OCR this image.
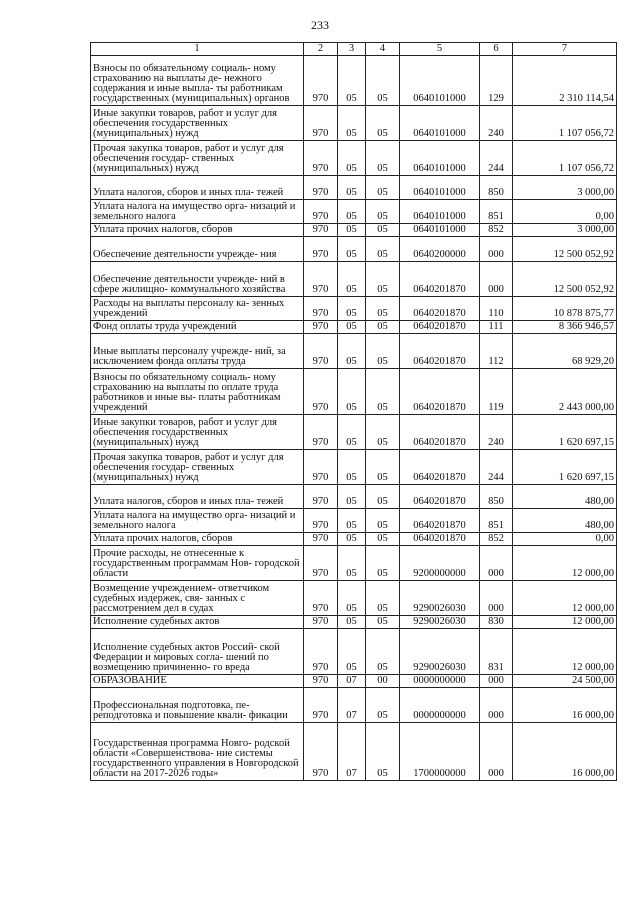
233
1	2	3	4	5	6	7
Взносы по обязательному социаль- ному страхованию на выплаты де- нежного содержания и иные выпла- ты работникам государственных (муниципальных) органов	970	05	05	0640101000	129	2 310 114,54
Иные закупки товаров, работ и услуг для обеспечения государственных (муниципальных) нужд	970	05	05	0640101000	240	1 107 056,72
Прочая закупка товаров, работ и услуг для обеспечения государ- ственных (муниципальных) нужд	970	05	05	0640101000	244	1 107 056,72
Уплата налогов, сборов и иных пла- тежей	970	05	05	0640101000	850	3 000,00
Уплата налога на имущество орга- низаций и земельного налога	970	05	05	0640101000	851	0,00
Уплата прочих налогов, сборов	970	05	05	0640101000	852	3 000,00
Обеспечение деятельности учрежде- ния	970	05	05	0640200000	000	12 500 052,92
Обеспечение деятельности учрежде- ний в сфере жилищно- коммунального хозяйства	970	05	05	0640201870	000	12 500 052,92
Расходы на выплаты персоналу ка- зенных учреждений	970	05	05	0640201870	110	10 878 875,77
Фонд оплаты труда учреждений	970	05	05	0640201870	111	8 366 946,57
Иные выплаты персоналу учрежде- ний, за исключением фонда оплаты труда	970	05	05	0640201870	112	68 929,20
Взносы по обязательному социаль- ному страхованию на выплаты по оплате труда работников и иные вы- платы работникам учреждений	970	05	05	0640201870	119	2 443 000,00
Иные закупки товаров, работ и услуг для обеспечения государственных (муниципальных) нужд	970	05	05	0640201870	240	1 620 697,15
Прочая закупка товаров, работ и услуг для обеспечения государ- ственных (муниципальных) нужд	970	05	05	0640201870	244	1 620 697,15
Уплата налогов, сборов и иных пла- тежей	970	05	05	0640201870	850	480,00
Уплата налога на имущество орга- низаций и земельного налога	970	05	05	0640201870	851	480,00
Уплата прочих налогов, сборов	970	05	05	0640201870	852	0,00
Прочие расходы, не отнесенные к государственным программам Нов- городской области	970	05	05	9200000000	000	12 000,00
Возмещение учреждением- ответчиком судебных издержек, свя- занных с рассмотрением дел в судах	970	05	05	9290026030	000	12 000,00
Исполнение судебных актов	970	05	05	9290026030	830	12 000,00
Исполнение судебных актов Россий- ской Федерации и мировых согла- шений по возмещению причиненно- го вреда	970	05	05	9290026030	831	12 000,00
ОБРАЗОВАНИЕ	970	07	00	0000000000	000	24 500,00
Профессиональная подготовка, пе- реподготовка и повышение квали- фикации	970	07	05	0000000000	000	16 000,00
Государственная программа Новго- родской области «Совершенствова- ние системы государственного управления в Новгородской области на 2017-2026 годы»	970	07	05	1700000000	000	16 000,00
